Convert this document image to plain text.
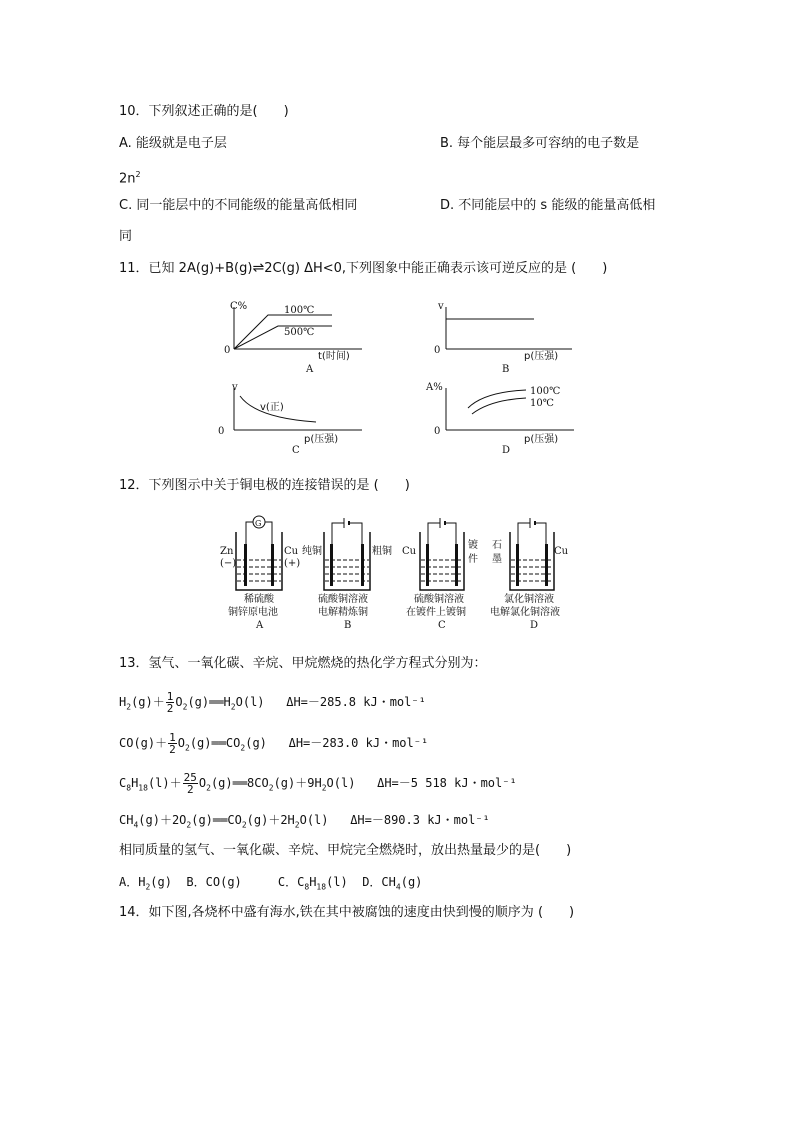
10．下列叙述正确的是(　　)
A. 能级就是电子层	B. 每个能层最多可容纳的电子数是
$2n^2$
C. 同一能层中的不同能级的能量高低相同	D. 不同能层中的 s 能级的能量高低相
同
11．已知 2A(g)+B(g)⇌2C(g) ΔH<0,下列图象中能正确表示该可逆反应的是 (　　)
C%
0
100℃
500℃
t(时间)
A
v
0
p(压强)
B
v
0
v(正)
p(压强)
C
A%
0
100℃
10℃
p(压强)
D
12．下列图示中关于铜电极的连接错误的是 (　　)
G
Zn
(−)
Cu
(+)
稀硫酸
铜锌原电池
A
纯铜	粗铜
硫酸铜溶液
电解精炼铜
B
Cu
镀
件
硫酸铜溶液
在镀件上镀铜
C
石
墨
Cu
氯化铜溶液
电解氯化铜溶液
D
13．氢气、一氧化碳、辛烷、甲烷燃烧的热化学方程式分别为：
$H_2(g)+ \frac{1}{2}$ $O_2(g)══H_2O(l)$ ΔH=－285.8 kJ・mol⁻¹
$CO(g)+ \frac{1}{2}$ $O_2(g)══CO_2(g)$ ΔH=－283.0 kJ・mol⁻¹
$C_8H_{18}(l)+ \frac{25}{2}$ $O_2(g)══8CO_2(g)+9H_2O(l)$ ΔH=－5 518 kJ・mol⁻¹
$CH_4(g)+2O_2(g)══CO_2(g)+2H_2O(l)$ ΔH=－890.3 kJ・mol⁻¹
相同质量的氢气、一氧化碳、辛烷、甲烷完全燃烧时，放出热量最少的是(　　)
A．$H_2(g)$ B．CO(g)	C．$C_8H_{18}(l)$ D．$CH_4(g)$
14．如下图,各烧杯中盛有海水,铁在其中被腐蚀的速度由快到慢的顺序为 (　　)
